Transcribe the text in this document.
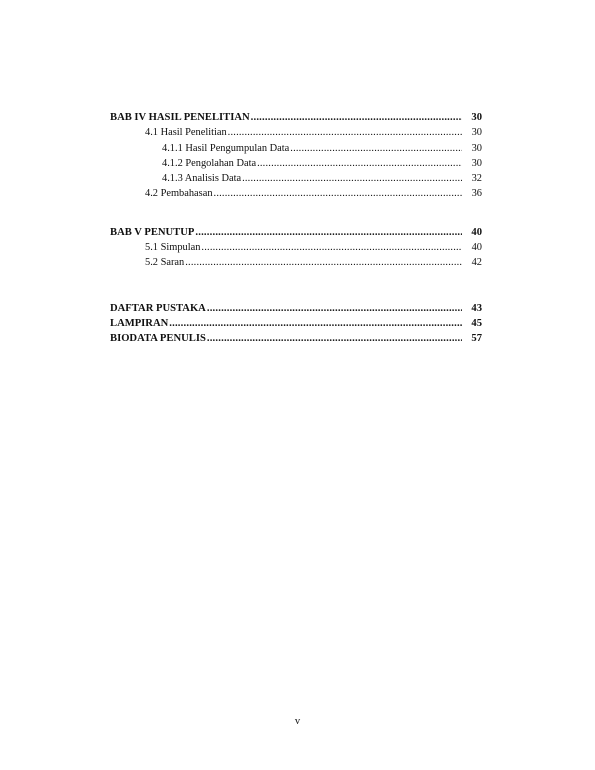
BAB IV HASIL PENELITIAN .....	30
4.1 Hasil Penelitian .....	30
4.1.1 Hasil Pengumpulan Data .....	30
4.1.2 Pengolahan Data .....	30
4.1.3 Analisis Data .....	32
4.2 Pembahasan .....	36
BAB V PENUTUP .....	40
5.1 Simpulan .....	40
5.2 Saran .....	42
DAFTAR PUSTAKA .....	43
LAMPIRAN .....	45
BIODATA PENULIS .....	57
v
